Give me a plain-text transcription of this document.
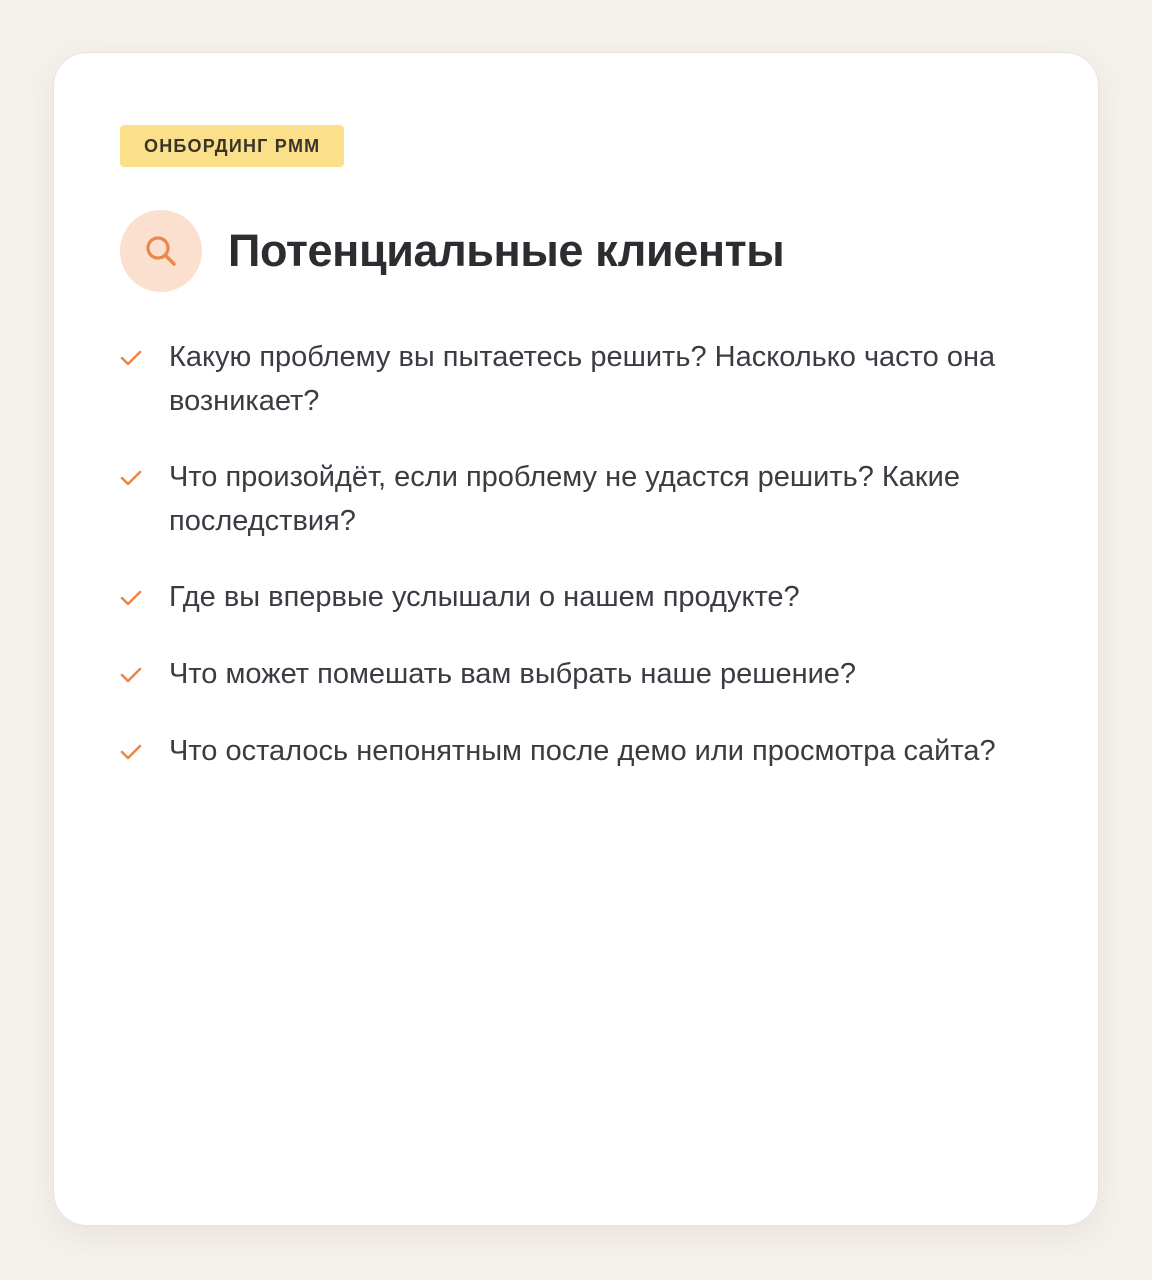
ОНБОРДИНГ PMM
Потенциальные клиенты
Какую проблему вы пытаетесь решить? Насколько часто она возникает?
Что произойдёт, если проблему не удастся решить? Какие последствия?
Где вы впервые услышали о нашем продукте?
Что может помешать вам выбрать наше решение?
Что осталось непонятным после демо или просмотра сайта?
